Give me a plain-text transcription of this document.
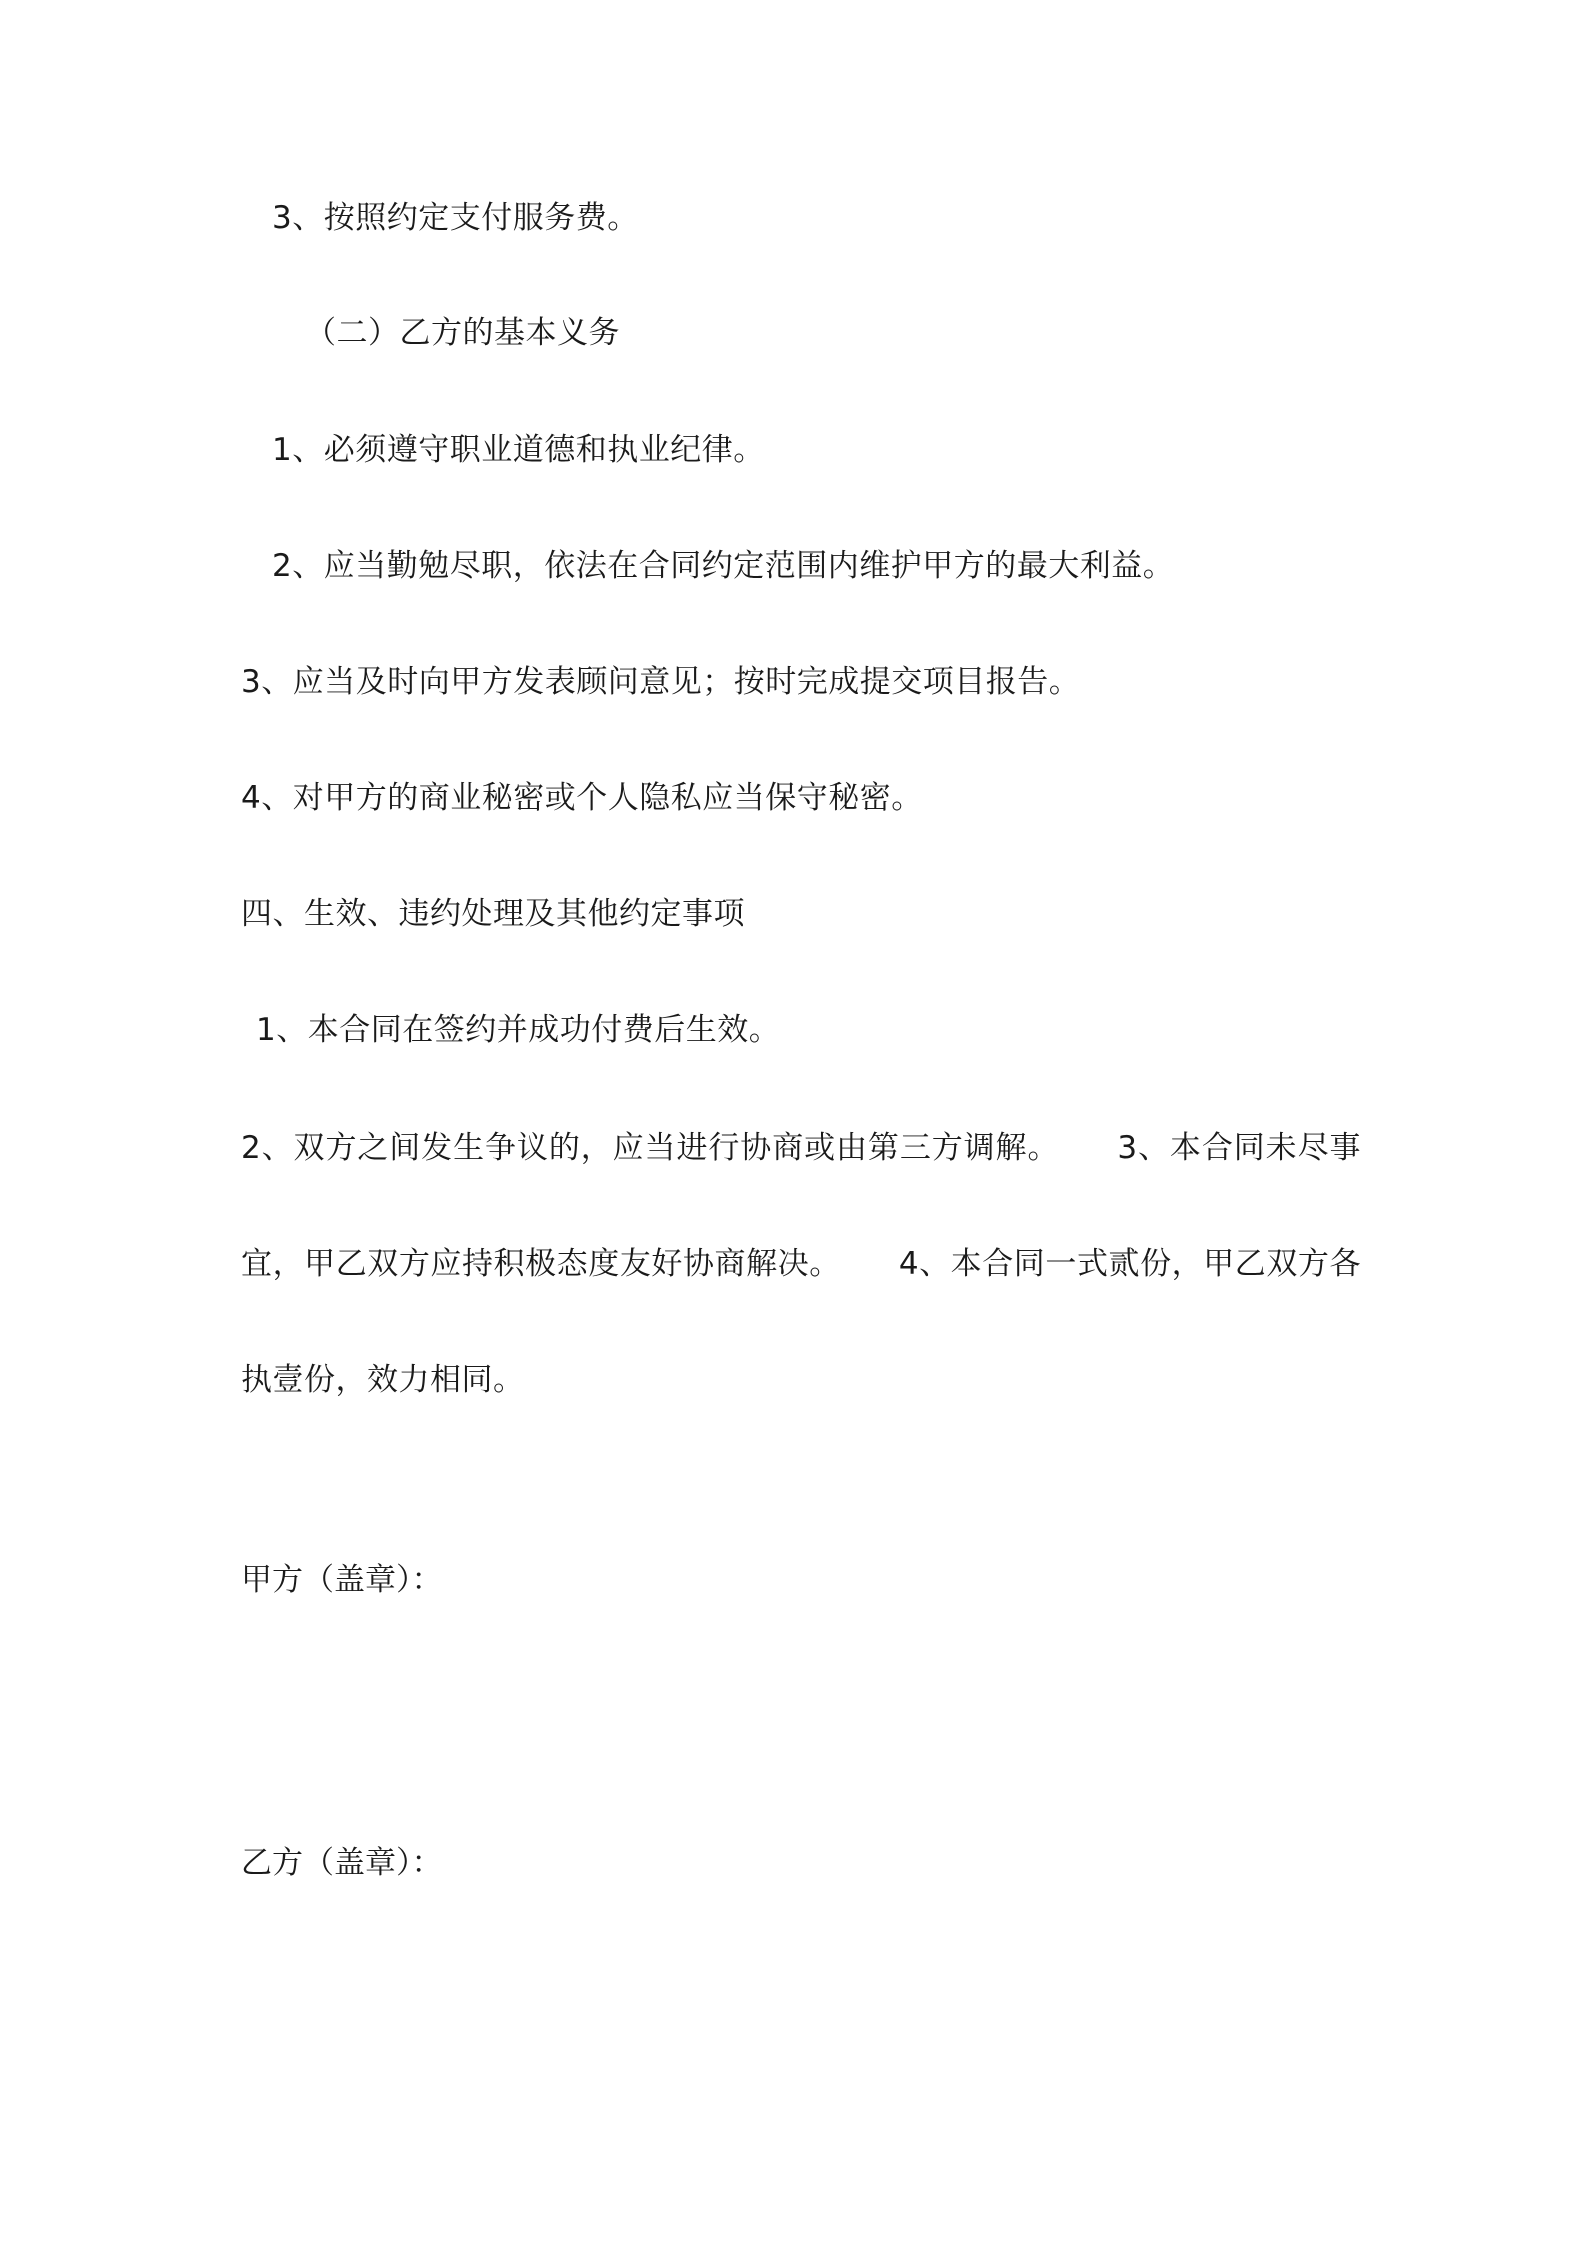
3、按照约定支付服务费。
（二）乙方的基本义务
1、必须遵守职业道德和执业纪律。
2、应当勤勉尽职，依法在合同约定范围内维护甲方的最大利益。
3、应当及时向甲方发表顾问意见；按时完成提交项目报告。
4、对甲方的商业秘密或个人隐私应当保守秘密。
四、生效、违约处理及其他约定事项
1、本合同在签约并成功付费后生效。
2、双方之间发生争议的，应当进行协商或由第三方调解。 3、本合同未尽事宜，甲乙双方应持积极态度友好协商解决。 4、本合同一式贰份，甲乙双方各执壹份，效力相同。
甲方（盖章）：
乙方（盖章）：
